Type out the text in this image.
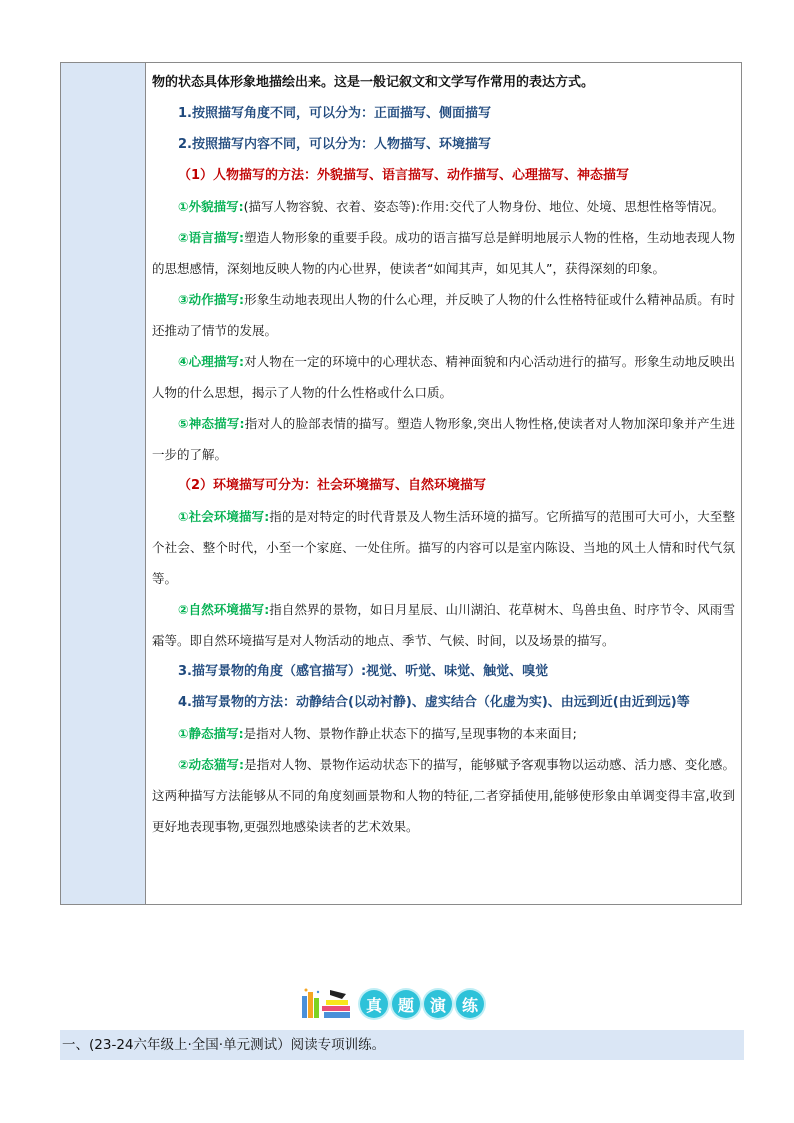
物的状态具体形象地描绘出来。这是一般记叙文和文学写作常用的表达方式。

1.按照描写角度不同，可以分为：正面描写、侧面描写

2.按照描写内容不同，可以分为：人物描写、环境描写

（1）人物描写的方法：外貌描写、语言描写、动作描写、心理描写、神态描写

①外貌描写:(描写人物容貌、衣着、姿态等):作用:交代了人物身份、地位、处境、思想性格等情况。

②语言描写:塑造人物形象的重要手段。成功的语言描写总是鲜明地展示人物的性格，生动地表现人物的思想感情，深刻地反映人物的内心世界，使读者“如闻其声，如见其人”，获得深刻的印象。

③动作描写:形象生动地表现出人物的什么心理，并反映了人物的什么性格特征或什么精神品质。有时还推动了情节的发展。

④心理描写:对人物在一定的环境中的心理状态、精神面貌和内心活动进行的描写。形象生动地反映出人物的什么思想，揭示了人物的什么性格或什么口质。

⑤神态描写:指对人的脸部表情的描写。塑造人物形象,突出人物性格,使读者对人物加深印象并产生进一步的了解。

（2）环境描写可分为：社会环境描写、自然环境描写

①社会环境描写:指的是对特定的时代背景及人物生活环境的描写。它所描写的范围可大可小，大至整个社会、整个时代，小至一个家庭、一处住所。描写的内容可以是室内陈设、当地的风土人情和时代气氛等。

②自然环境描写:指自然界的景物，如日月星辰、山川湖泊、花草树木、鸟兽虫鱼、时序节令、风雨雪霜等。即自然环境描写是对人物活动的地点、季节、气候、时间，以及场景的描写。

3.描写景物的角度（感官描写）:视觉、听觉、味觉、触觉、嗅觉

4.描写景物的方法：动静结合(以动衬静)、虚实结合（化虚为实)、由远到近(由近到远)等

①静态描写:是指对人物、景物作静止状态下的描写,呈现事物的本来面目;

②动态猫写:是指对人物、景物作运动状态下的描写，能够赋予客观事物以运动感、活力感、变化感。这两种描写方法能够从不同的角度刻画景物和人物的特征,二者穿插使用,能够使形象由单调变得丰富,收到更好地表现事物,更强烈地感染读者的艺术效果。

真 题 演 练
一、(23-24六年级上·全国·单元测试）阅读专项训练。
